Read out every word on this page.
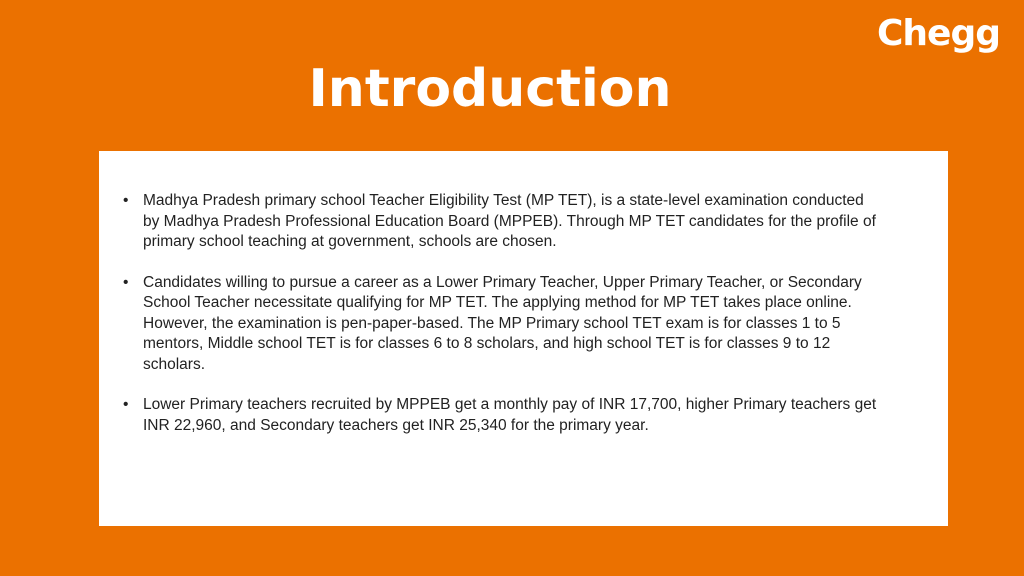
Chegg
Introduction
• Madhya Pradesh primary school Teacher Eligibility Test (MP TET), is a state-level examination conducted by Madhya Pradesh Professional Education Board (MPPEB). Through MP TET candidates for the profile of primary school teaching at government, schools are chosen.
• Candidates willing to pursue a career as a Lower Primary Teacher, Upper Primary Teacher, or Secondary School Teacher necessitate qualifying for MP TET. The applying method for MP TET takes place online. However, the examination is pen-paper-based. The MP Primary school TET exam is for classes 1 to 5 mentors, Middle school TET is for classes 6 to 8 scholars, and high school TET is for classes 9 to 12 scholars.
• Lower Primary teachers recruited by MPPEB get a monthly pay of INR 17,700, higher Primary teachers get INR 22,960, and Secondary teachers get INR 25,340 for the primary year.
